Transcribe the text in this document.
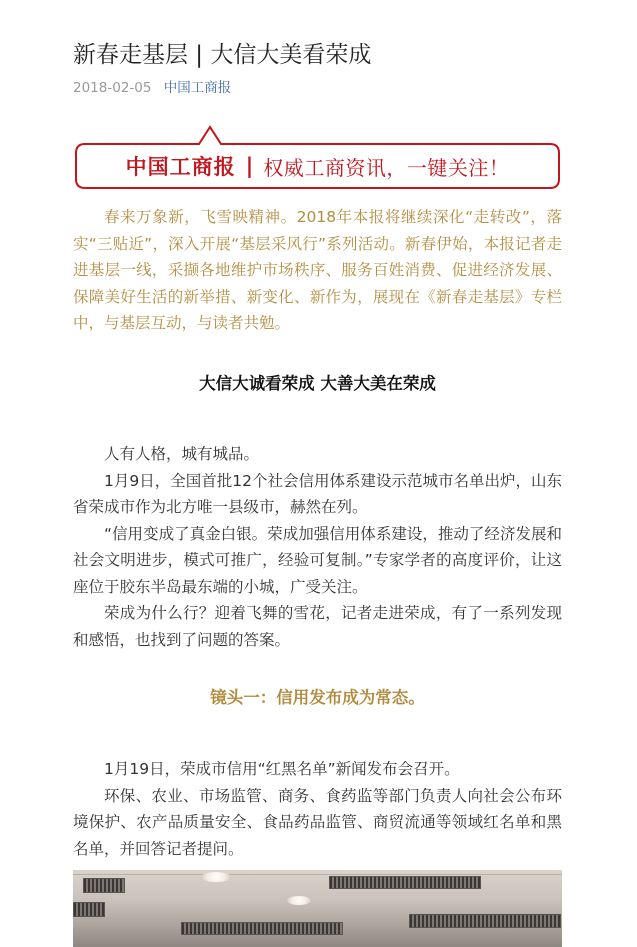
新春走基层 | 大信大美看荣成
2018-02-05 中国工商报
中国工商报 | 权威工商资讯，一键关注！

春来万象新，飞雪映精神。2018年本报将继续深化“走转改”，落实“三贴近”，深入开展“基层采风行”系列活动。新春伊始，本报记者走进基层一线，采撷各地维护市场秩序、服务百姓消费、促进经济发展、保障美好生活的新举措、新变化、新作为，展现在《新春走基层》专栏中，与基层互动，与读者共勉。

大信大诚看荣成 大善大美在荣成

人有人格，城有城品。

1月9日，全国首批12个社会信用体系建设示范城市名单出炉，山东省荣成市作为北方唯一县级市，赫然在列。

“信用变成了真金白银。荣成加强信用体系建设，推动了经济发展和社会文明进步，模式可推广，经验可复制。”专家学者的高度评价，让这座位于胶东半岛最东端的小城，广受关注。

荣成为什么行？迎着飞舞的雪花，记者走进荣成，有了一系列发现和感悟，也找到了问题的答案。

镜头一：信用发布成为常态。

1月19日，荣成市信用“红黑名单”新闻发布会召开。

环保、农业、市场监管、商务、食药监等部门负责人向社会公布环境保护、农产品质量安全、食品药品监管、商贸流通等领域红名单和黑名单，并回答记者提问。
